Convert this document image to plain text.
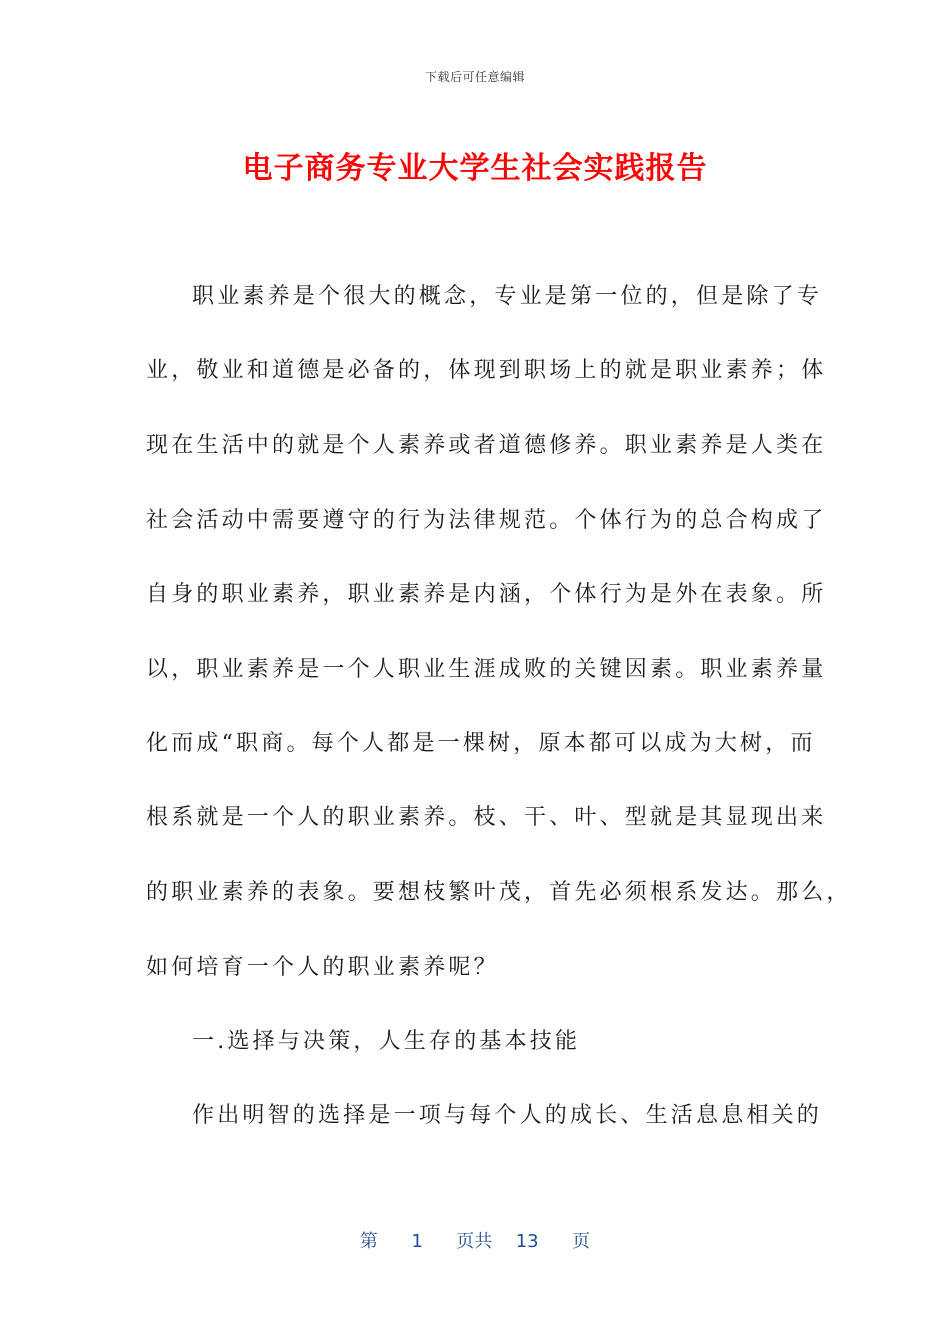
下载后可任意编辑
电子商务专业大学生社会实践报告
职业素养是个很大的概念，专业是第一位的，但是除了专
业，敬业和道德是必备的，体现到职场上的就是职业素养；体
现在生活中的就是个人素养或者道德修养。职业素养是人类在
社会活动中需要遵守的行为法律规范。个体行为的总合构成了
自身的职业素养，职业素养是内涵，个体行为是外在表象。所
以，职业素养是一个人职业生涯成败的关键因素。职业素养量
化而成“职商。每个人都是一棵树，原本都可以成为大树，而
根系就是一个人的职业素养。枝、干、叶、型就是其显现出来
的职业素养的表象。要想枝繁叶茂，首先必须根系发达。那么，
如何培育一个人的职业素养呢？
一.选择与决策，人生存的基本技能
作出明智的选择是一项与每个人的成长、生活息息相关的
第 1 页共 13 页
